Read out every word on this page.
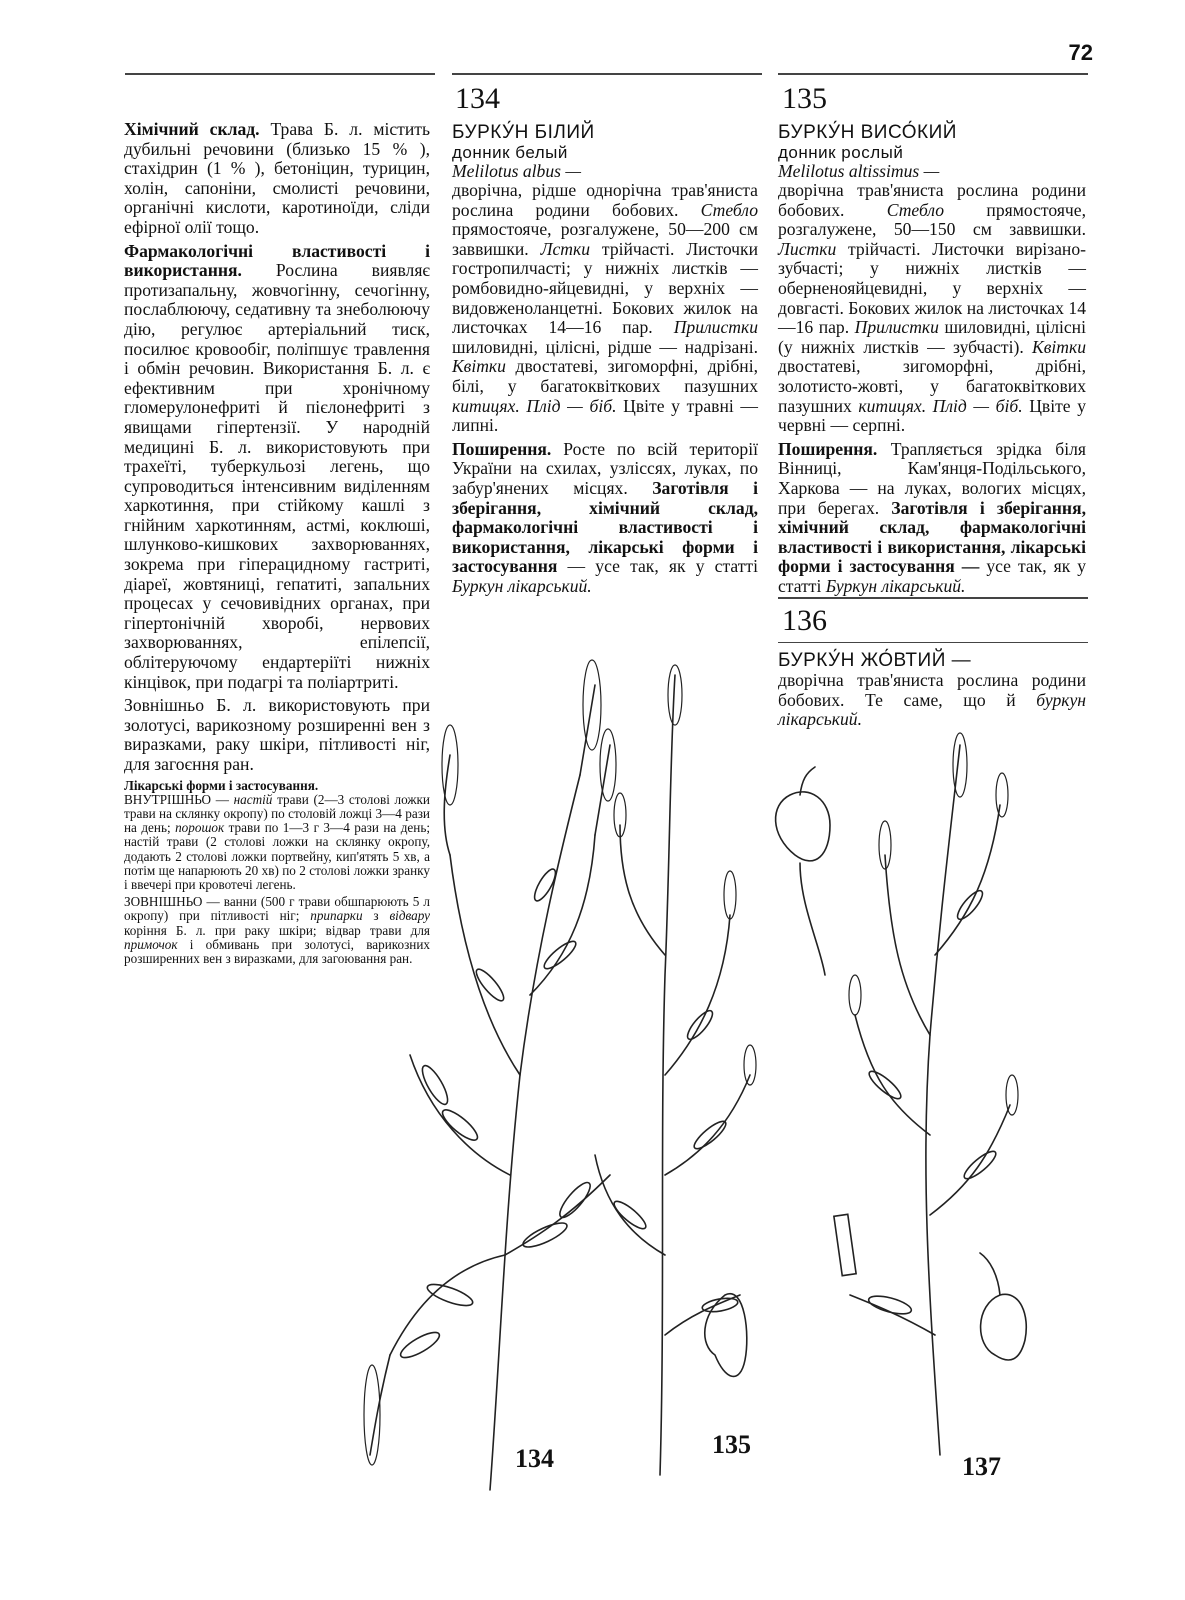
72

Хімічний склад. Трава Б. л. містить дубильні речовини (близько 15 % ), стахідрин (1 % ), бетоніцин, турицин, холін, сапоніни, смолисті речовини, органічні кислоти, каротиноїди, сліди ефірної олії тощо.

Фармакологічні властивості і використання. Рослина виявляє протизапальну, жовчогінну, сечогінну, послаблюючу, седативну та знеболюючу дію, регулює артеріальний тиск, посилює кровообіг, поліпшує травлення і обмін речовин. Використання Б. л. є ефективним при хронічному гломерулонефриті й пієлонефриті з явищами гіпертензії. У народній медицині Б. л. використовують при трахеїті, туберкульозі легень, що супроводиться інтенсивним виділенням харкотиння, при стійкому кашлі з гнійним харкотинням, астмі, коклюші, шлунково-кишкових захворюваннях, зокрема при гіперацидному гастриті, діареї, жовтяниці, гепатиті, запальних процесах у сечовивідних органах, при гіпертонічній хворобі, нервових захворюваннях, епілепсії, облітеруючому ендартеріїті нижніх кінцівок, при подагрі та поліартриті.

Зовнішньо Б. л. використовують при золотусі, варикозному розширенні вен з виразками, раку шкіри, пітливості ніг, для загоєння ран.

Лікарські форми і застосування.

ВНУТРІШНЬО — настій трави (2—3 столові ложки трави на склянку окропу) по столовій ложці 3—4 рази на день; порошок трави по 1—3 г 3—4 рази на день; настій трави (2 столові ложки на склянку окропу, додають 2 столові ложки портвейну, кип'ятять 5 хв, а потім ще напарюють 20 хв) по 2 столові ложки зранку і ввечері при кровотечі легень.

ЗОВНІШНЬО — ванни (500 г трави обшпарюють 5 л окропу) при пітливості ніг; припарки з відвару коріння Б. л. при раку шкіри; відвар трави для примочок і обмивань при золотусі, варикозних розширенних вен з виразками, для загоювання ран.

134
БУРКУ́Н БІЛИЙ
донник белый
Melilotus albus —

дворічна, рідше однорічна трав'яниста рослина родини бобових. Стебло прямостояче, розгалужене, 50—200 см заввишки. Лстки трійчасті. Листочки гостропилчасті; у нижніх листків — ромбовидно-яйцевидні, у верхніх — видовженоланцетні. Бокових жилок на листочках 14—16 пар. Прилистки шиловидні, цілісні, рідше — надрізані. Квітки двостатеві, зигоморфні, дрібні, білі, у багатоквіткових пазушних китицях. Плід — біб. Цвіте у травні — липні.

Поширення. Росте по всій території України на схилах, узліссях, луках, по забур'янених місцях. Заготівля і зберігання, хімічний склад, фармакологічні властивості і використання, лікарські форми і застосування — усе так, як у статті Буркун лікарський.

135
БУРКУ́Н ВИСО́КИЙ
донник рослый
Melilotus altissimus —

дворічна трав'яниста рослина родини бобових. Стебло прямостояче, розгалужене, 50—150 см заввишки. Листки трійчасті. Листочки вирізано-зубчасті; у нижніх листків — оберненояйцевидні, у верхніх — довгасті. Бокових жилок на листочках 14—16 пар. Прилистки шиловидні, цілісні (у нижніх листків — зубчасті). Квітки двостатеві, зигоморфні, дрібні, золотисто-жовті, у багатоквіткових пазушних китицях. Плід — біб. Цвіте у червні — серпні.

Поширення. Трапляється зрідка біля Вінниці, Кам'янця-Подільського, Харкова — на луках, вологих місцях, при берегах. Заготівля і зберігання, хімічний склад, фармакологічні властивості і використання, лікарські форми і застосування — усе так, як у статті Буркун лікарський.

136
БУРКУ́Н ЖО́ВТИЙ —

дворічна трав'яниста рослина родини бобових. Те саме, що й буркун лікарський.

134	135
137
